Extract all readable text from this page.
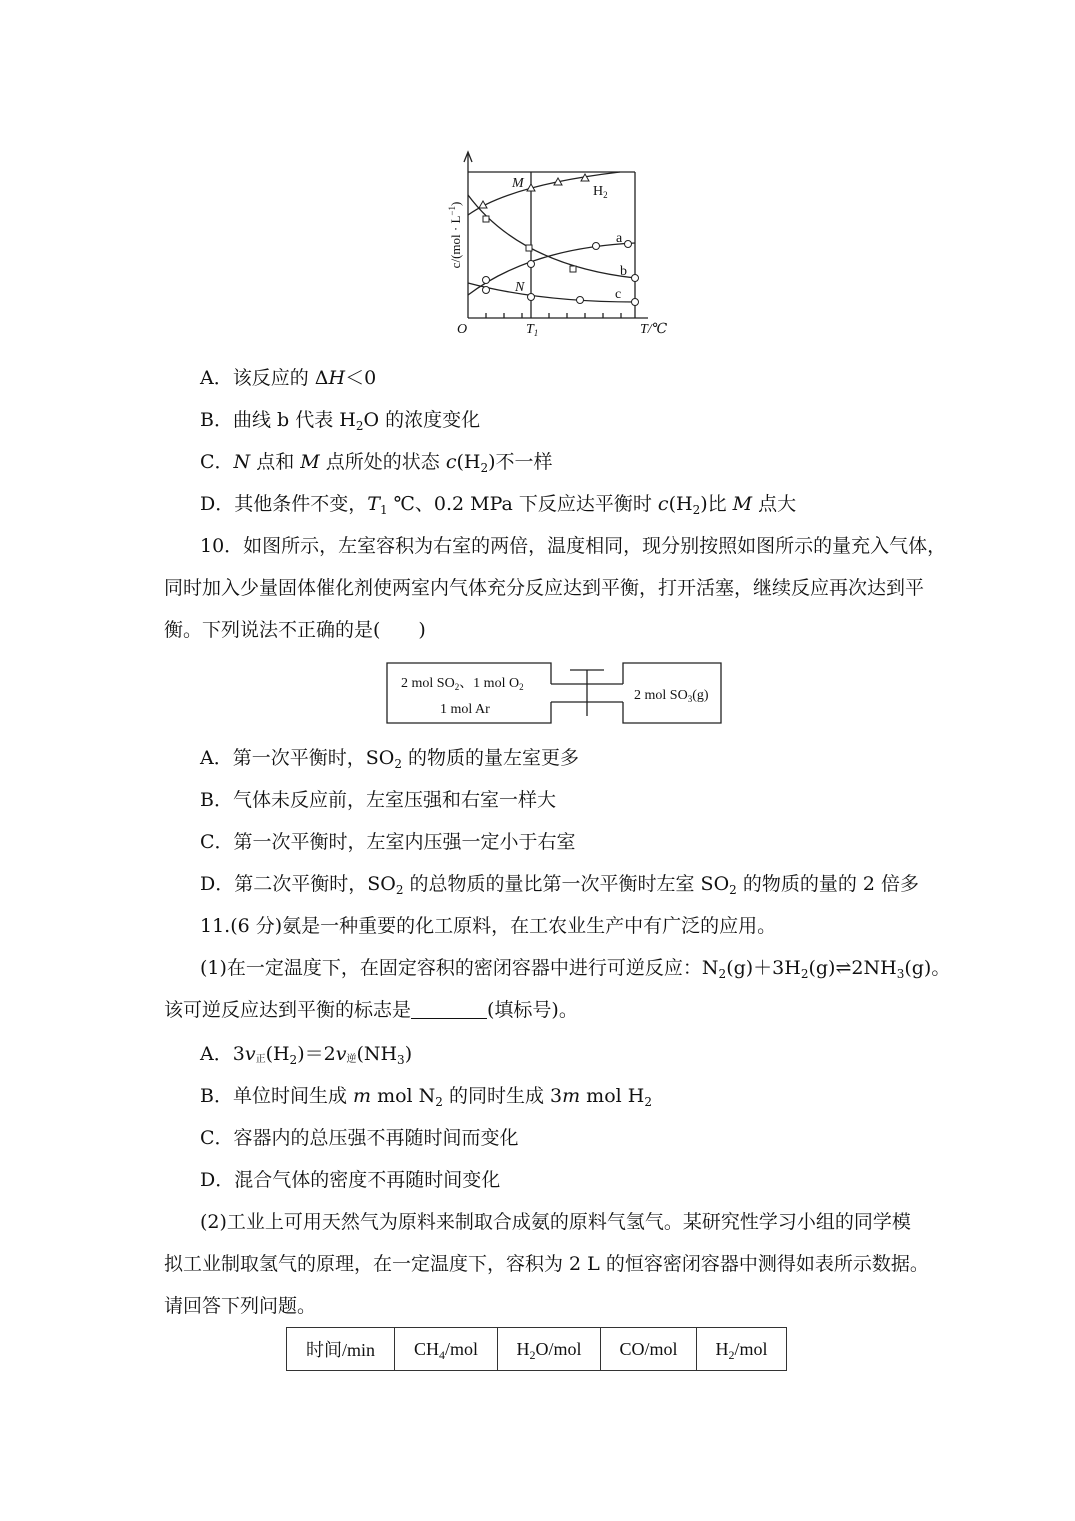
$c/(mol \cdot L^{-1})$
O	$T_1$	T/℃
M
N
$H_2$
a
b
c
A．该反应的 ΔH＜0
B．曲线 b 代表 $H_2O$ 的浓度变化
C．N 点和 M 点所处的状态 $c(H_2)$不一样
D．其他条件不变，$T_1$ ℃、0.2 MPa 下反应达平衡时 $c(H_2)$比 M 点大
10．如图所示，左室容积为右室的两倍，温度相同，现分别按照如图所示的量充入气体，
同时加入少量固体催化剂使两室内气体充分反应达到平衡，打开活塞，继续反应再次达到平
衡。下列说法不正确的是(　　)
2 mol $SO_2$、1 mol $O_2$
1 mol Ar
2 mol $SO_3(g)$
A．第一次平衡时，$SO_2$ 的物质的量左室更多
B．气体未反应前，左室压强和右室一样大
C．第一次平衡时，左室内压强一定小于右室
D．第二次平衡时，$SO_2$ 的总物质的量比第一次平衡时左室 $SO_2$ 的物质的量的 2 倍多
11.(6 分)氨是一种重要的化工原料，在工农业生产中有广泛的应用。
(1)在一定温度下，在固定容积的密闭容器中进行可逆反应：$N_2(g)+3H_2(g)\rightleftharpoons 2NH_3(g)$。
该可逆反应达到平衡的标志是	(填标号)。
A．3v正$(H_2)=2v$逆$(NH_3)$
B．单位时间生成 m mol $N_2$ 的同时生成 3m mol $H_2$
C．容器内的总压强不再随时间而变化
D．混合气体的密度不再随时间变化
(2)工业上可用天然气为原料来制取合成氨的原料气氢气。某研究性学习小组的同学模
拟工业制取氢气的原理，在一定温度下，容积为 2 L 的恒容密闭容器中测得如表所示数据。
请回答下列问题。
时间/min	$CH_4$/mol	$H_2O$/mol	CO/mol	$H_2$/mol
